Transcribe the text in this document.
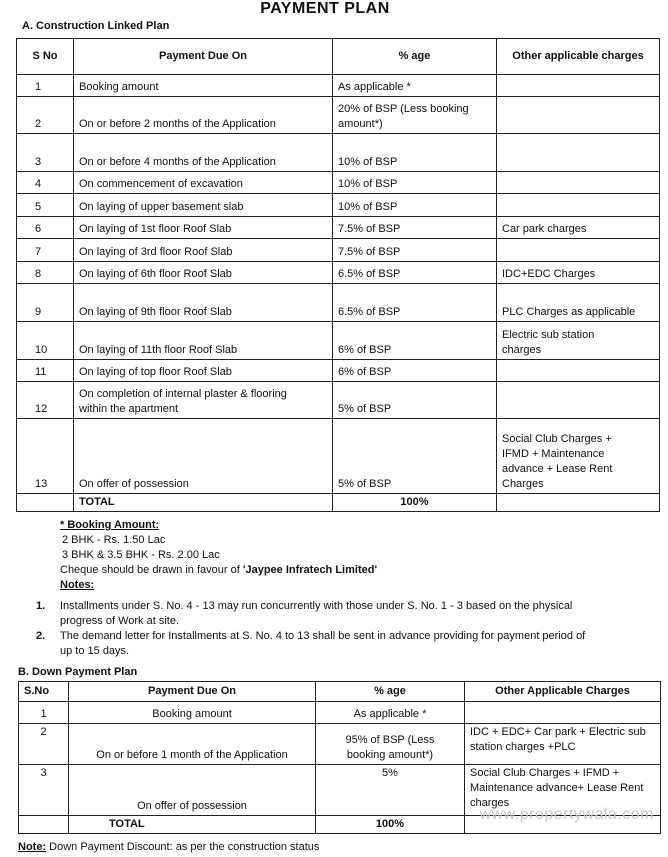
PAYMENT PLAN
A. Construction Linked Plan
S No	Payment Due On	% age	Other applicable charges
1	Booking amount	As applicable *	
2	On or before 2 months of the Application	20% of BSP (Less booking
amount*)	
3	On or before 4 months of the Application	10% of BSP	
4	On commencement of excavation	10% of BSP	
5	On laying of upper basement slab	10% of BSP	
6	On laying of 1st floor Roof Slab	7.5% of BSP	Car park charges
7	On laying of 3rd floor Roof Slab	7.5% of BSP	
8	On laying of 6th floor Roof Slab	6.5% of BSP	IDC+EDC Charges
9	On laying of 9th floor Roof Slab	6.5% of BSP	PLC Charges as applicable
10	On laying of 11th floor Roof Slab	6% of BSP	Electric sub station
charges
11	On laying of top floor Roof Slab	6% of BSP	
12	On completion of internal plaster & flooring
within the apartment	5% of BSP	
13	On offer of possession	5% of BSP	Social Club Charges +
IFMD + Maintenance
advance + Lease Rent
Charges
	TOTAL	100%	
* Booking Amount:
2 BHK - Rs. 1.50 Lac
3 BHK & 3.5 BHK - Rs. 2.00 Lac
Cheque should be drawn in favour of 'Jaypee Infratech Limited'
Notes:
1. Installments under S. No. 4 - 13 may run concurrently with those under S. No. 1 - 3 based on the physical
progress of Work at site.
2. The demand letter for Installments at S. No. 4 to 13 shall be sent in advance providing for payment period of
up to 15 days.
B. Down Payment Plan
S.No	Payment Due On	% age	Other Applicable Charges
1	Booking amount	As applicable *	
2	On or before 1 month of the Application	95% of BSP (Less
booking amount*)	IDC + EDC+ Car park + Electric sub
station charges +PLC
3	On offer of possession	5%	Social Club Charges + IFMD +
Maintenance advance+ Lease Rent
charges
	TOTAL	100%	
www.propertywala.com
Note: Down Payment Discount: as per the construction status
